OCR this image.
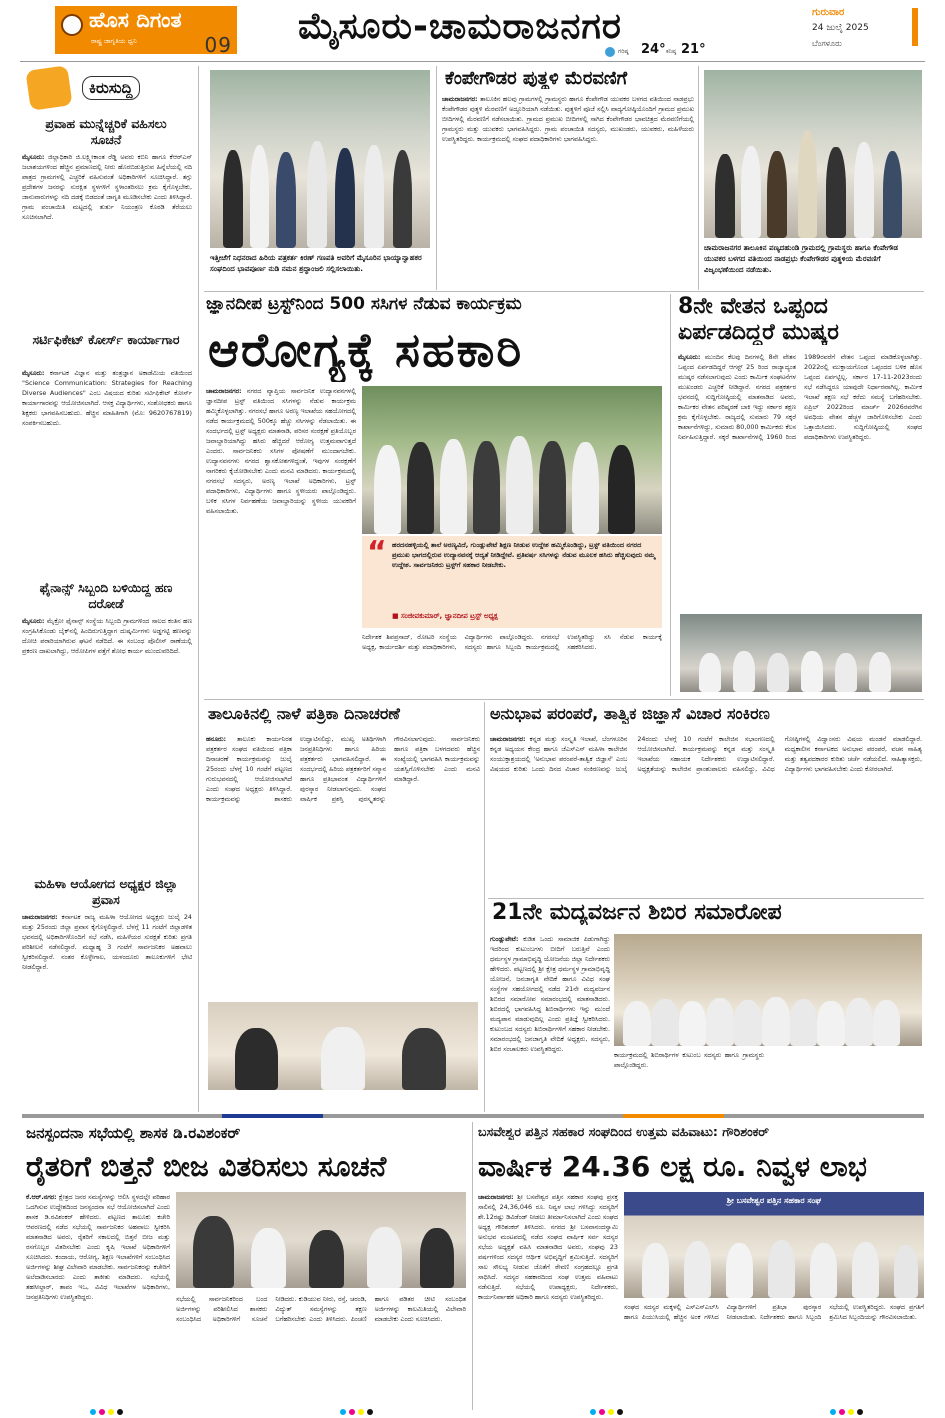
ಹೊಸ ದಿಗಂತ
ರಾಷ್ಟ್ರ ಜಾಗೃತಿಯ ಧ್ವನಿ	09 ಮೈಸೂರು-ಚಾಮರಾಜನಗರ
ಗರಿಷ್ಠ 24° ಕನಿಷ್ಠ 21°
ಗುರುವಾರ
24 ಜುಲೈ 2025
ಬೆಂಗಳೂರು
ಕಿರುಸುದ್ದಿ
ಪ್ರವಾಹ ಮುನ್ನೆಚ್ಚರಿಕೆ ವಹಿಸಲು ಸೂಚನೆ
ಮೈಸೂರು: ಜಿಲ್ಲಾಧಿಕಾರಿ ಜಿ.ಲಕ್ಷ್ಮೀಕಾಂತ ರೆಡ್ಡಿ ಅವರು ಕಬಿನಿ ಹಾಗೂ ಕೆಆರ್‌ಎಸ್ ಜಲಾಶಯಗಳಿಂದ ಹೆಚ್ಚಿನ ಪ್ರಮಾಣದಲ್ಲಿ ನೀರು ಹೊರಬಿಡುತ್ತಿರುವ ಹಿನ್ನೆಲೆಯಲ್ಲಿ ನದಿ ಪಾತ್ರದ ಗ್ರಾಮಗಳಲ್ಲಿ ಎಚ್ಚರಿಕೆ ವಹಿಸುವಂತೆ ಅಧಿಕಾರಿಗಳಿಗೆ ಸೂಚಿಸಿದ್ದಾರೆ. ತಗ್ಗು ಪ್ರದೇಶಗಳ ಜನರನ್ನು ಸುರಕ್ಷಿತ ಸ್ಥಳಗಳಿಗೆ ಸ್ಥಳಾಂತರಿಸಲು ಕ್ರಮ ಕೈಗೊಳ್ಳಬೇಕು, ಜಾನುವಾರುಗಳನ್ನು ನದಿ ದಡಕ್ಕೆ ಬಿಡದಂತೆ ಜಾಗೃತಿ ಮೂಡಿಸಬೇಕು ಎಂದು ತಿಳಿಸಿದ್ದಾರೆ. ಗ್ರಾಮ ಪಂಚಾಯಿತಿ ಮಟ್ಟದಲ್ಲಿ ತುರ್ತು ನಿಯಂತ್ರಣ ಕೊಠಡಿ ತೆರೆಯಲು ಸೂಚಿಸಲಾಗಿದೆ.
ಸರ್ಟಿಫಿಕೇಟ್ ಕೋರ್ಸ್ ಕಾರ್ಯಾಗಾರ
ಮೈಸೂರು: ಕರ್ನಾಟಕ ವಿಜ್ಞಾನ ಮತ್ತು ತಂತ್ರಜ್ಞಾನ ಅಕಾಡೆಮಿಯ ವತಿಯಿಂದ "Science Communication: Strategies for Reaching Diverse Audiences" ಎಂಬ ವಿಷಯದ ಕುರಿತು ಸರ್ಟಿಫಿಕೇಟ್ ಕೋರ್ಸ್ ಕಾರ್ಯಾಗಾರವನ್ನು ಆಯೋಜಿಸಲಾಗಿದೆ. ಆಸಕ್ತ ವಿದ್ಯಾರ್ಥಿಗಳು, ಸಂಶೋಧಕರು ಹಾಗೂ ಶಿಕ್ಷಕರು ಭಾಗವಹಿಸಬಹುದು. ಹೆಚ್ಚಿನ ಮಾಹಿತಿಗಾಗಿ (ಮೊ: 9620767819) ಸಂಪರ್ಕಿಸಬಹುದು.
ಫೈನಾನ್ಸ್ ಸಿಬ್ಬಂದಿ ಬಳಿಯಿದ್ದ ಹಣ ದರೋಡೆ
ಮೈಸೂರು: ಮೈಕ್ರೋ ಫೈನಾನ್ಸ್ ಸಂಸ್ಥೆಯ ಸಿಬ್ಬಂದಿ ಗ್ರಾಮಗಳಿಂದ ಸಾಲದ ಕಂತಿನ ಹಣ ಸಂಗ್ರಹಿಸಿಕೊಂಡು ಬೈಕ್‌ನಲ್ಲಿ ಹಿಂದಿರುಗುತ್ತಿದ್ದಾಗ ದುಷ್ಕರ್ಮಿಗಳು ಅಡ್ಡಗಟ್ಟಿ ಹಣವನ್ನು ದೋಚಿ ಪರಾರಿಯಾಗಿರುವ ಘಟನೆ ನಡೆದಿದೆ. ಈ ಸಂಬಂಧ ಪೊಲೀಸ್ ಠಾಣೆಯಲ್ಲಿ ಪ್ರಕರಣ ದಾಖಲಾಗಿದ್ದು, ಆರೋಪಿಗಳ ಪತ್ತೆಗೆ ಶೋಧ ಕಾರ್ಯ ಮುಂದುವರಿದಿದೆ.
ಮಹಿಳಾ ಆಯೋಗದ ಅಧ್ಯಕ್ಷರ ಜಿಲ್ಲಾ ಪ್ರವಾಸ
ಚಾಮರಾಜನಗರ: ಕರ್ನಾಟಕ ರಾಜ್ಯ ಮಹಿಳಾ ಆಯೋಗದ ಅಧ್ಯಕ್ಷರು ಜುಲೈ 24 ಮತ್ತು 25ರಂದು ಜಿಲ್ಲಾ ಪ್ರವಾಸ ಕೈಗೊಳ್ಳಲಿದ್ದಾರೆ. ಬೆಳಗ್ಗೆ 11 ಗಂಟೆಗೆ ಜಿಲ್ಲಾಡಳಿತ ಭವನದಲ್ಲಿ ಅಧಿಕಾರಿಗಳೊಂದಿಗೆ ಸಭೆ ನಡೆಸಿ, ಮಹಿಳೆಯರ ಸುರಕ್ಷತೆ ಕುರಿತು ಪ್ರಗತಿ ಪರಿಶೀಲನೆ ನಡೆಸಲಿದ್ದಾರೆ. ಮಧ್ಯಾಹ್ನ 3 ಗಂಟೆಗೆ ಸಾರ್ವಜನಿಕರ ಅಹವಾಲು ಸ್ವೀಕರಿಸಲಿದ್ದಾರೆ. ನಂತರ ಕೊಳ್ಳೇಗಾಲ, ಯಳಂದೂರು ತಾಲೂಕುಗಳಿಗೆ ಭೇಟಿ ನೀಡಲಿದ್ದಾರೆ.
ಇತ್ತೀಚೆಗೆ ನಿಧನರಾದ ಹಿರಿಯ ಪತ್ರಕರ್ತ ಕಿರಣ್ ಗಣಪತಿ ಅವರಿಗೆ ಮೈಸೂರಿನ ಭಾಯ್ಯಾನ್ವಾಹಕರ ಸಂಘದಿಂದ ಭಾವಪೂರ್ಣ ನುಡಿ ನಮನ ಶ್ರದ್ಧಾಂಜಲಿ ಸಲ್ಲಿಸಲಾಯಿತು.
ಕೆಂಪೇಗೌಡರ ಪುತ್ಥಳಿ ಮೆರವಣಿಗೆ
ಚಾಮರಾಜನಗರ: ತಾಲೂಕಿನ ಹಲವು ಗ್ರಾಮಗಳಲ್ಲಿ ಗ್ರಾಮಸ್ಥರು ಹಾಗೂ ಕೆಂಪೇಗೌಡ ಯುವಕರ ಬಳಗದ ವತಿಯಿಂದ ನಾಡಪ್ರಭು ಕೆಂಪೇಗೌಡರ ಪುತ್ಥಳಿ ಮೆರವಣಿಗೆ ಅದ್ದೂರಿಯಾಗಿ ನಡೆಯಿತು. ಪುತ್ಥಳಿಗೆ ಪೂಜೆ ಸಲ್ಲಿಸಿ ವಾದ್ಯಗೋಷ್ಠಿಯೊಂದಿಗೆ ಗ್ರಾಮದ ಪ್ರಮುಖ ಬೀದಿಗಳಲ್ಲಿ ಮೆರವಣಿಗೆ ನಡೆಸಲಾಯಿತು. ಗ್ರಾಮದ ಪ್ರಮುಖ ಬೀದಿಗಳಲ್ಲಿ ಸಾಗಿದ ಕೆಂಪೇಗೌಡರ ಭಾವಚಿತ್ರದ ಮೆರವಣಿಗೆಯಲ್ಲಿ ಗ್ರಾಮಸ್ಥರು ಮತ್ತು ಯುವಕರು ಭಾಗವಹಿಸಿದ್ದರು. ಗ್ರಾಮ ಪಂಚಾಯಿತಿ ಸದಸ್ಯರು, ಮುಖಂಡರು, ಯುವಕರು, ಮಹಿಳೆಯರು ಉಪಸ್ಥಿತರಿದ್ದರು. ಕಾರ್ಯಕ್ರಮದಲ್ಲಿ ಸಂಘದ ಪದಾಧಿಕಾರಿಗಳು ಭಾಗವಹಿಸಿದ್ದರು.
ಚಾಮರಾಜನಗರ ತಾಲೂಕಿನ ಪಣ್ಯದಹುಂಡಿ ಗ್ರಾಮದಲ್ಲಿ ಗ್ರಾಮಸ್ಥರು ಹಾಗೂ ಕೆಂಪೇಗೌಡ ಯುವಕರ ಬಳಗದ ವತಿಯಿಂದ ನಾಡಪ್ರಭು ಕೆಂಪೇಗೌಡರ ಪುತ್ಥಳಿಯ ಮೆರವಣಿಗೆ ವಿಜೃಂಭಣೆಯಿಂದ ನಡೆಯಿತು.
ಜ್ಞಾನದೀಪ ಟ್ರಸ್ಟ್‌ನಿಂದ 500 ಸಸಿಗಳ ನೆಡುವ ಕಾರ್ಯಕ್ರಮ
ಆರೋಗ್ಯಕ್ಕೆ ಸಹಕಾರಿ
ಚಾಮರಾಜನಗರ: ನಗರದ ವ್ಯಾಪ್ತಿಯ ಸಾರ್ವಜನಿಕ ಉದ್ಯಾನವನಗಳಲ್ಲಿ ಜ್ಞಾನದೀಪ ಟ್ರಸ್ಟ್ ವತಿಯಿಂದ ಸಸಿಗಳನ್ನು ನೆಡುವ ಕಾರ್ಯಕ್ರಮ ಹಮ್ಮಿಕೊಳ್ಳಲಾಗಿತ್ತು. ನಗರಸಭೆ ಹಾಗೂ ಅರಣ್ಯ ಇಲಾಖೆಯ ಸಹಯೋಗದಲ್ಲಿ ನಡೆದ ಕಾರ್ಯಕ್ರಮದಲ್ಲಿ 500ಕ್ಕೂ ಹೆಚ್ಚು ಸಸಿಗಳನ್ನು ನೆಡಲಾಯಿತು. ಈ ಸಂದರ್ಭದಲ್ಲಿ ಟ್ರಸ್ಟ್ ಅಧ್ಯಕ್ಷರು ಮಾತನಾಡಿ, ಪರಿಸರ ಸಂರಕ್ಷಣೆ ಪ್ರತಿಯೊಬ್ಬರ ಜವಾಬ್ದಾರಿಯಾಗಿದ್ದು ಹಸಿರು ಹೆಚ್ಚಿದರೆ ಆರೋಗ್ಯ ಉತ್ತಮವಾಗುತ್ತದೆ ಎಂದರು. ಸಾರ್ವಜನಿಕರು ಸಸಿಗಳ ಪೋಷಣೆಗೆ ಮುಂದಾಗಬೇಕು. ಉದ್ಯಾನವನಗಳು ನಗರದ ಶ್ವಾಸಕೋಶಗಳಿದ್ದಂತೆ, ಇವುಗಳ ಸಂರಕ್ಷಣೆಗೆ ನಾಗರಿಕರು ಕೈಜೋಡಿಸಬೇಕು ಎಂದು ಮನವಿ ಮಾಡಿದರು. ಕಾರ್ಯಕ್ರಮದಲ್ಲಿ ನಗರಸಭೆ ಸದಸ್ಯರು, ಅರಣ್ಯ ಇಲಾಖೆ ಅಧಿಕಾರಿಗಳು, ಟ್ರಸ್ಟ್ ಪದಾಧಿಕಾರಿಗಳು, ವಿದ್ಯಾರ್ಥಿಗಳು ಹಾಗೂ ಸ್ಥಳೀಯರು ಪಾಲ್ಗೊಂಡಿದ್ದರು. ಬಳಿಕ ಸಸಿಗಳ ನಿರ್ವಹಣೆಯ ಜವಾಬ್ದಾರಿಯನ್ನು ಸ್ಥಳೀಯ ಯುವಕರಿಗೆ ವಹಿಸಲಾಯಿತು.
“ ಹರದನಹಳ್ಳಿಯಲ್ಲಿ ತಾಲೆ ಅರಣ್ಯವಿದೆ, ಗುಂಡ್ಲುಪೇಟೆ ಶಿಕ್ಷಣ ನೀಡುವ ಉದ್ದೇಶ ಹಮ್ಮಿಕೊಂಡಿದ್ದು, ಟ್ರಸ್ಟ್ ವತಿಯಿಂದ ನಗರದ ಪ್ರಮುಖ ಭಾಗದಲ್ಲಿರುವ ಉದ್ಯಾನವನಕ್ಕೆ ಆದ್ಯತೆ ನೀಡಿದ್ದೇವೆ. ಪ್ರತಿವರ್ಷ ಸಸಿಗಳನ್ನು ನೆಡುವ ಮೂಲಕ ಹಸಿರು ಹೆಚ್ಚಿಸುವುದು ನಮ್ಮ ಉದ್ದೇಶ. ಸಾರ್ವಜನಿಕರು ಟ್ರಸ್ಟ್‌ಗೆ ಸಹಕಾರ ನೀಡಬೇಕು.
■ ಸಂಜೀವಕುಮಾರ್, ಜ್ಞಾನದೀಪ ಟ್ರಸ್ಟ್ ಅಧ್ಯಕ್ಷ
ನಿರ್ದೇಶಕ ಶಿವಪ್ರಸಾದ್, ರೋಟರಿ ಸಂಸ್ಥೆಯ ಅಧ್ಯಕ್ಷ, ಕಾರ್ಯದರ್ಶಿ ಮತ್ತು ಪದಾಧಿಕಾರಿಗಳು, ವಿದ್ಯಾರ್ಥಿಗಳು ಪಾಲ್ಗೊಂಡಿದ್ದರು. ನಗರಸಭೆ ಸದಸ್ಯರು ಹಾಗೂ ಸಿಬ್ಬಂದಿ ಕಾರ್ಯಕ್ರಮದಲ್ಲಿ ಉಪಸ್ಥಿತರಿದ್ದು ಸಸಿ ನೆಡುವ ಕಾರ್ಯಕ್ಕೆ ಸಹಕರಿಸಿದರು.
8ನೇ ವೇತನ ಒಪ್ಪಂದ
ಏರ್ಪಡದಿದ್ದರೆ ಮುಷ್ಕರ
ಮೈಸೂರು: ಮುಂದಿನ ಕೆಲವು ದಿನಗಳಲ್ಲಿ 8ನೇ ವೇತನ ಒಪ್ಪಂದ ಏರ್ಪಡದಿದ್ದರೆ ಆಗಸ್ಟ್ 25 ರಿಂದ ರಾಜ್ಯಾದ್ಯಂತ ಮುಷ್ಕರ ನಡೆಸಲಾಗುವುದು ಎಂದು ಕಾರ್ಮಿಕ ಸಂಘಟನೆಗಳ ಮುಖಂಡರು ಎಚ್ಚರಿಕೆ ನೀಡಿದ್ದಾರೆ. ನಗರದ ಪತ್ರಕರ್ತರ ಭವನದಲ್ಲಿ ಸುದ್ದಿಗೋಷ್ಠಿಯಲ್ಲಿ ಮಾತನಾಡಿದ ಅವರು, ಕಾರ್ಮಿಕರ ವೇತನ ಪರಿಷ್ಕರಣೆ ಬಾಕಿ ಇದ್ದು ಸರ್ಕಾರ ತಕ್ಷಣ ಕ್ರಮ ಕೈಗೊಳ್ಳಬೇಕು. ರಾಜ್ಯದಲ್ಲಿ ಸುಮಾರು 79 ಸಕ್ಕರೆ ಕಾರ್ಖಾನೆಗಳಿದ್ದು, ಸುಮಾರು 80,000 ಕಾರ್ಮಿಕರು ಕೆಲಸ ನಿರ್ವಹಿಸುತ್ತಿದ್ದಾರೆ. ಸಕ್ಕರೆ ಕಾರ್ಖಾನೆಗಳಲ್ಲಿ 1960 ರಿಂದ 1989ರವರೆಗೆ ವೇತನ ಒಪ್ಪಂದ ಮಾಡಿಕೊಳ್ಳಲಾಗಿತ್ತು. 2022ರಲ್ಲಿ ಮುಕ್ತಾಯಗೊಂಡ ಒಪ್ಪಂದದ ಬಳಿಕ ಹೊಸ ಒಪ್ಪಂದ ಏರ್ಪಟ್ಟಿಲ್ಲ. ಸರ್ಕಾರ 17-11-2023ರಂದು ಸಭೆ ನಡೆಸಿದ್ದರೂ ಯಾವುದೇ ನಿರ್ಧಾರವಾಗಿಲ್ಲ. ಕಾರ್ಮಿಕ ಇಲಾಖೆ ತಕ್ಷಣ ಸಭೆ ಕರೆದು ಸಮಸ್ಯೆ ಬಗೆಹರಿಸಬೇಕು. ಏಪ್ರಿಲ್ 2022ರಿಂದ ಮಾರ್ಚ್ 2026ರವರೆಗಿನ ಅವಧಿಯ ವೇತನ ಹೆಚ್ಚಳ ಜಾರಿಗೊಳಿಸಬೇಕು ಎಂದು ಒತ್ತಾಯಿಸಿದರು. ಸುದ್ದಿಗೋಷ್ಠಿಯಲ್ಲಿ ಸಂಘದ ಪದಾಧಿಕಾರಿಗಳು ಉಪಸ್ಥಿತರಿದ್ದರು.
ತಾಲೂಕಿನಲ್ಲಿ ನಾಳೆ ಪತ್ರಿಕಾ ದಿನಾಚರಣೆ
ಹನೂರು: ತಾಲೂಕು ಕಾರ್ಯನಿರತ ಪತ್ರಕರ್ತರ ಸಂಘದ ವತಿಯಿಂದ ಪತ್ರಿಕಾ ದಿನಾಚರಣೆ ಕಾರ್ಯಕ್ರಮವನ್ನು ಜುಲೈ 25ರಂದು ಬೆಳಗ್ಗೆ 10 ಗಂಟೆಗೆ ಪಟ್ಟಣದ ಗುರುಭವನದಲ್ಲಿ ಆಯೋಜಿಸಲಾಗಿದೆ ಎಂದು ಸಂಘದ ಅಧ್ಯಕ್ಷರು ತಿಳಿಸಿದ್ದಾರೆ. ಕಾರ್ಯಕ್ರಮವನ್ನು ಶಾಸಕರು ಉದ್ಘಾಟಿಸಲಿದ್ದು, ಮುಖ್ಯ ಅತಿಥಿಗಳಾಗಿ ಜನಪ್ರತಿನಿಧಿಗಳು ಹಾಗೂ ಹಿರಿಯ ಪತ್ರಕರ್ತರು ಭಾಗವಹಿಸಲಿದ್ದಾರೆ. ಈ ಸಂದರ್ಭದಲ್ಲಿ ಹಿರಿಯ ಪತ್ರಕರ್ತರಿಗೆ ಸನ್ಮಾನ ಹಾಗೂ ಪ್ರತಿಭಾವಂತ ವಿದ್ಯಾರ್ಥಿಗಳಿಗೆ ಪುರಸ್ಕಾರ ನೀಡಲಾಗುವುದು. ಸಂಘದ ವಾರ್ಷಿಕ ಪ್ರಶಸ್ತಿ ಪುರಸ್ಕೃತರನ್ನು ಗೌರವಿಸಲಾಗುವುದು. ಸಾರ್ವಜನಿಕರು ಹಾಗೂ ಪತ್ರಿಕಾ ಬಳಗದವರು ಹೆಚ್ಚಿನ ಸಂಖ್ಯೆಯಲ್ಲಿ ಭಾಗವಹಿಸಿ ಕಾರ್ಯಕ್ರಮವನ್ನು ಯಶಸ್ವಿಗೊಳಿಸಬೇಕು ಎಂದು ಮನವಿ ಮಾಡಿದ್ದಾರೆ.
ಅನುಭಾವ ಪರಂಪರೆ, ತಾತ್ವಿಕ ಜಿಜ್ಞಾಸೆ ವಿಚಾರ ಸಂಕಿರಣ
ಚಾಮರಾಜನಗರ: ಕನ್ನಡ ಮತ್ತು ಸಂಸ್ಕೃತಿ ಇಲಾಖೆ, ಬೆಂಗಳೂರಿನ ಕನ್ನಡ ಅಧ್ಯಯನ ಕೇಂದ್ರ ಹಾಗೂ ಜೆಎಸ್‌ಎಸ್ ಮಹಿಳಾ ಕಾಲೇಜಿನ ಸಂಯುಕ್ತಾಶ್ರಯದಲ್ಲಿ 'ಅನುಭಾವ ಪರಂಪರೆ-ತಾತ್ವಿಕ ಜಿಜ್ಞಾಸೆ' ಎಂಬ ವಿಷಯದ ಕುರಿತು ಒಂದು ದಿನದ ವಿಚಾರ ಸಂಕಿರಣವನ್ನು ಜುಲೈ 24ರಂದು ಬೆಳಗ್ಗೆ 10 ಗಂಟೆಗೆ ಕಾಲೇಜಿನ ಸಭಾಂಗಣದಲ್ಲಿ ಆಯೋಜಿಸಲಾಗಿದೆ. ಕಾರ್ಯಕ್ರಮವನ್ನು ಕನ್ನಡ ಮತ್ತು ಸಂಸ್ಕೃತಿ ಇಲಾಖೆಯ ಸಹಾಯಕ ನಿರ್ದೇಶಕರು ಉದ್ಘಾಟಿಸಲಿದ್ದಾರೆ. ಅಧ್ಯಕ್ಷತೆಯನ್ನು ಕಾಲೇಜಿನ ಪ್ರಾಂಶುಪಾಲರು ವಹಿಸಲಿದ್ದು, ವಿವಿಧ ಗೋಷ್ಠಿಗಳಲ್ಲಿ ವಿದ್ವಾಂಸರು ವಿಷಯ ಮಂಡನೆ ಮಾಡಲಿದ್ದಾರೆ. ಮಧ್ಯಕಾಲೀನ ಕರ್ನಾಟಕದ ಅನುಭಾವ ಪರಂಪರೆ, ವಚನ ಸಾಹಿತ್ಯ ಮತ್ತು ತತ್ವಪದಕಾರರ ಕುರಿತು ಚರ್ಚೆ ನಡೆಯಲಿದೆ. ಸಾಹಿತ್ಯಾಸಕ್ತರು, ವಿದ್ಯಾರ್ಥಿಗಳು ಭಾಗವಹಿಸಬೇಕು ಎಂದು ಕೋರಲಾಗಿದೆ.
21ನೇ ಮದ್ಯವರ್ಜನ ಶಿಬಿರ ಸಮಾರೋಪ
ಗುಂಡ್ಲುಪೇಟೆ: ಕುಡಿತ ಒಂದು ಸಾಮಾಜಿಕ ಪಿಡುಗಾಗಿದ್ದು ಇದರಿಂದ ಕುಟುಂಬಗಳು ಬೀದಿಗೆ ಬರುತ್ತಿವೆ ಎಂದು ಧರ್ಮಸ್ಥಳ ಗ್ರಾಮಾಭಿವೃದ್ಧಿ ಯೋಜನೆಯ ಜಿಲ್ಲಾ ನಿರ್ದೇಶಕರು ಹೇಳಿದರು. ಪಟ್ಟಣದಲ್ಲಿ ಶ್ರೀ ಕ್ಷೇತ್ರ ಧರ್ಮಸ್ಥಳ ಗ್ರಾಮಾಭಿವೃದ್ಧಿ ಯೋಜನೆ, ಜನಜಾಗೃತಿ ವೇದಿಕೆ ಹಾಗೂ ವಿವಿಧ ಸಂಘ ಸಂಸ್ಥೆಗಳ ಸಹಯೋಗದಲ್ಲಿ ನಡೆದ 21ನೇ ಮದ್ಯವರ್ಜನ ಶಿಬಿರದ ಸಮಾರೋಪ ಸಮಾರಂಭದಲ್ಲಿ ಮಾತನಾಡಿದರು. ಶಿಬಿರದಲ್ಲಿ ಭಾಗವಹಿಸಿದ್ದ ಶಿಬಿರಾರ್ಥಿಗಳು ಇನ್ನು ಮುಂದೆ ಮದ್ಯಪಾನ ಮಾಡುವುದಿಲ್ಲ ಎಂದು ಪ್ರತಿಜ್ಞೆ ಸ್ವೀಕರಿಸಿದರು. ಕುಟುಂಬದ ಸದಸ್ಯರು ಶಿಬಿರಾರ್ಥಿಗಳಿಗೆ ಸಹಕಾರ ನೀಡಬೇಕು. ಸಮಾರಂಭದಲ್ಲಿ ಜನಜಾಗೃತಿ ವೇದಿಕೆ ಅಧ್ಯಕ್ಷರು, ಸದಸ್ಯರು, ಶಿಬಿರ ಸಂಚಾಲಕರು ಉಪಸ್ಥಿತರಿದ್ದರು.
ಕಾರ್ಯಕ್ರಮದಲ್ಲಿ ಶಿಬಿರಾರ್ಥಿಗಳ ಕುಟುಂಬ ಸದಸ್ಯರು ಹಾಗೂ ಗ್ರಾಮಸ್ಥರು ಪಾಲ್ಗೊಂಡಿದ್ದರು.
ಜನಸ್ಪಂದನಾ ಸಭೆಯಲ್ಲಿ ಶಾಸಕ ಡಿ.ರವಿಶಂಕರ್
ರೈತರಿಗೆ ಬಿತ್ತನೆ ಬೀಜ ವಿತರಿಸಲು ಸೂಚನೆ
ಕೆ.ಆರ್.ನಗರ: ಕ್ಷೇತ್ರದ ಜನರ ಸಮಸ್ಯೆಗಳನ್ನು ಆಲಿಸಿ ಸ್ಥಳದಲ್ಲೇ ಪರಿಹಾರ ಒದಗಿಸುವ ಉದ್ದೇಶದಿಂದ ಜನಸ್ಪಂದನಾ ಸಭೆ ಆಯೋಜಿಸಲಾಗಿದೆ ಎಂದು ಶಾಸಕ ಡಿ.ರವಿಶಂಕರ್ ಹೇಳಿದರು. ಪಟ್ಟಣದ ತಾಲೂಕು ಕಚೇರಿ ಆವರಣದಲ್ಲಿ ನಡೆದ ಸಭೆಯಲ್ಲಿ ಸಾರ್ವಜನಿಕರ ಅಹವಾಲು ಸ್ವೀಕರಿಸಿ ಮಾತನಾಡಿದ ಅವರು, ರೈತರಿಗೆ ಸಕಾಲದಲ್ಲಿ ಬಿತ್ತನೆ ಬೀಜ ಮತ್ತು ರಸಗೊಬ್ಬರ ವಿತರಿಸಬೇಕು ಎಂದು ಕೃಷಿ ಇಲಾಖೆ ಅಧಿಕಾರಿಗಳಿಗೆ ಸೂಚಿಸಿದರು. ಕಂದಾಯ, ಆರೋಗ್ಯ, ಶಿಕ್ಷಣ ಇಲಾಖೆಗಳಿಗೆ ಸಂಬಂಧಿಸಿದ ಅರ್ಜಿಗಳನ್ನು ಶೀಘ್ರ ವಿಲೇವಾರಿ ಮಾಡಬೇಕು. ಸಾರ್ವಜನಿಕರನ್ನು ಕಚೇರಿಗೆ ಅಲೆದಾಡಿಸಬಾರದು ಎಂದು ತಾಕೀತು ಮಾಡಿದರು. ಸಭೆಯಲ್ಲಿ ತಹಸೀಲ್ದಾರ್, ತಾಪಂ ಇಒ, ವಿವಿಧ ಇಲಾಖೆಗಳ ಅಧಿಕಾರಿಗಳು, ಜನಪ್ರತಿನಿಧಿಗಳು ಉಪಸ್ಥಿತರಿದ್ದರು.	ಸಭೆಯಲ್ಲಿ ಸಾರ್ವಜನಿಕರಿಂದ ಬಂದ ಅರ್ಜಿಗಳನ್ನು ಪರಿಶೀಲಿಸಿದ ಶಾಸಕರು ಸಂಬಂಧಿಸಿದ ಅಧಿಕಾರಿಗಳಿಗೆ ಸೂಚನೆ ನೀಡಿದರು. ಕುಡಿಯುವ ನೀರು, ರಸ್ತೆ, ಚರಂಡಿ, ವಿದ್ಯುತ್ ಸಮಸ್ಯೆಗಳನ್ನು ತಕ್ಷಣ ಬಗೆಹರಿಸಬೇಕು ಎಂದು ತಿಳಿಸಿದರು. ಪಿಂಚಣಿ ಹಾಗೂ ಪಡಿತರ ಚೀಟಿ ಸಂಬಂಧಿತ ಅರ್ಜಿಗಳನ್ನು ಕಾಲಮಿತಿಯಲ್ಲಿ ವಿಲೇವಾರಿ ಮಾಡಬೇಕು ಎಂದು ಸೂಚಿಸಿದರು.
ಬಸವೇಶ್ವರ ಪತ್ತಿನ ಸಹಕಾರ ಸಂಘದಿಂದ ಉತ್ತಮ ವಹಿವಾಟು: ಗೌರಿಶಂಕರ್
ವಾರ್ಷಿಕ 24.36 ಲಕ್ಷ ರೂ. ನಿವ್ವಳ ಲಾಭ
ಚಾಮರಾಜನಗರ: ಶ್ರೀ ಬಸವೇಶ್ವರ ಪತ್ತಿನ ಸಹಕಾರ ಸಂಘವು ಪ್ರಸಕ್ತ ಸಾಲಿನಲ್ಲಿ 24,36,046 ರೂ. ನಿವ್ವಳ ಲಾಭ ಗಳಿಸಿದ್ದು ಸದಸ್ಯರಿಗೆ ಶೇ.12ರಷ್ಟು ಡಿವಿಡೆಂಡ್ ನೀಡಲು ತೀರ್ಮಾನಿಸಲಾಗಿದೆ ಎಂದು ಸಂಘದ ಅಧ್ಯಕ್ಷ ಗೌರಿಶಂಕರ್ ತಿಳಿಸಿದರು. ನಗರದ ಶ್ರೀ ಬಸವಾನಂದಸ್ವಾಮಿ ಅನುಭವ ಮಂಟಪದಲ್ಲಿ ನಡೆದ ಸಂಘದ ವಾರ್ಷಿಕ ಸರ್ವ ಸದಸ್ಯರ ಸಭೆಯ ಅಧ್ಯಕ್ಷತೆ ವಹಿಸಿ ಮಾತನಾಡಿದ ಅವರು, ಸಂಘವು 23 ವರ್ಷಗಳಿಂದ ಸದಸ್ಯರ ಆರ್ಥಿಕ ಅಭಿವೃದ್ಧಿಗೆ ಶ್ರಮಿಸುತ್ತಿದೆ. ಸದಸ್ಯರಿಗೆ ಸಾಲ ಸೌಲಭ್ಯ ನೀಡುವ ಜೊತೆಗೆ ಠೇವಣಿ ಸಂಗ್ರಹದಲ್ಲೂ ಪ್ರಗತಿ ಸಾಧಿಸಿದೆ. ಸದಸ್ಯರ ಸಹಕಾರದಿಂದ ಸಂಘ ಉತ್ತಮ ವಹಿವಾಟು ನಡೆಸುತ್ತಿದೆ. ಸಭೆಯಲ್ಲಿ ಉಪಾಧ್ಯಕ್ಷರು, ನಿರ್ದೇಶಕರು, ಕಾರ್ಯನಿರ್ವಾಹಕ ಅಧಿಕಾರಿ ಹಾಗೂ ಸದಸ್ಯರು ಉಪಸ್ಥಿತರಿದ್ದರು.
ಶ್ರೀ ಬಸವೇಶ್ವರ ಪತ್ತಿನ ಸಹಕಾರ ಸಂಘ
ಸಂಘದ ಸದಸ್ಯರ ಮಕ್ಕಳಲ್ಲಿ ಎಸ್ಎಸ್ಎಲ್‌ಸಿ ಹಾಗೂ ಪಿಯುಸಿಯಲ್ಲಿ ಹೆಚ್ಚಿನ ಅಂಕ ಗಳಿಸಿದ ವಿದ್ಯಾರ್ಥಿಗಳಿಗೆ ಪ್ರತಿಭಾ ಪುರಸ್ಕಾರ ನೀಡಲಾಯಿತು. ನಿರ್ದೇಶಕರು ಹಾಗೂ ಸಿಬ್ಬಂದಿ ಸಭೆಯಲ್ಲಿ ಉಪಸ್ಥಿತರಿದ್ದರು. ಸಂಘದ ಪ್ರಗತಿಗೆ ಶ್ರಮಿಸಿದ ಸಿಬ್ಬಂದಿಯನ್ನು ಗೌರವಿಸಲಾಯಿತು.
